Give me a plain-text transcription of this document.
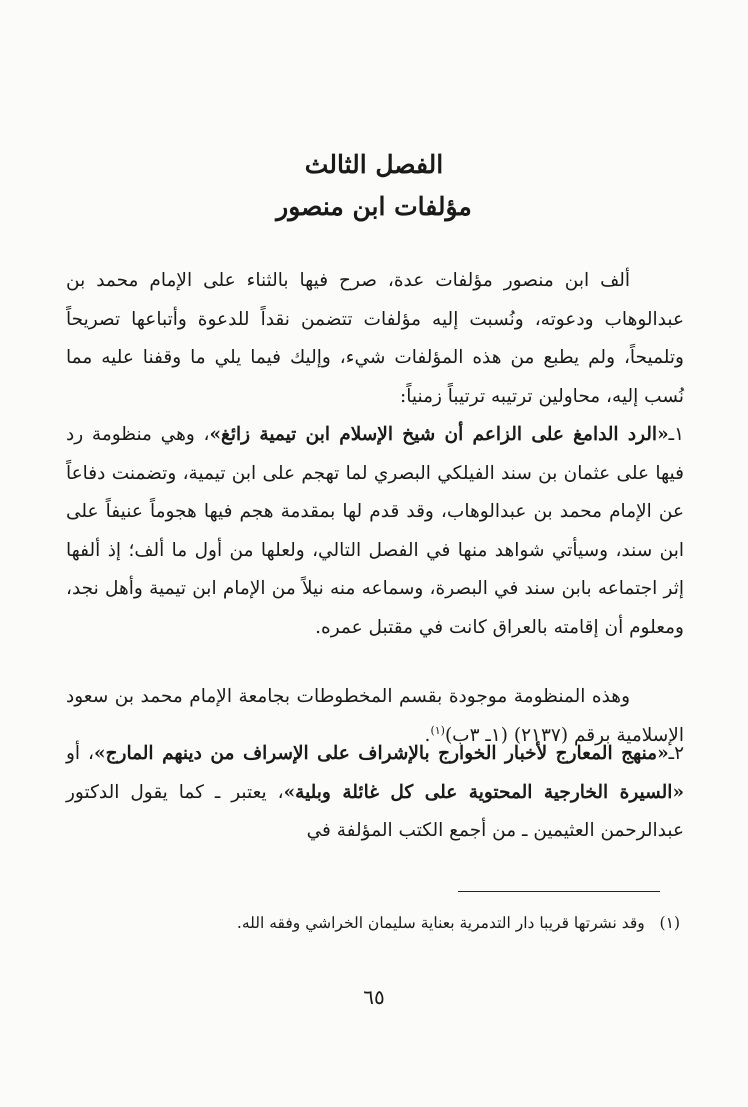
الفصل الثالث
مؤلفات ابن منصور

ألف ابن منصور مؤلفات عدة، صرح فيها بالثناء على الإمام محمد بن عبدالوهاب ودعوته، ونُسبت إليه مؤلفات تتضمن نقداً للدعوة وأتباعها تصريحاً وتلميحاً، ولم يطبع من هذه المؤلفات شيء، وإليك فيما يلي ما وقفنا عليه مما نُسب إليه، محاولين ترتيبه ترتيباً زمنياً:

١ـ«الرد الدامغ على الزاعم أن شيخ الإسلام ابن تيمية زائغ»، وهي منظومة رد فيها على عثمان بن سند الفيلكي البصري لما تهجم على ابن تيمية، وتضمنت دفاعاً عن الإمام محمد بن عبدالوهاب، وقد قدم لها بمقدمة هجم فيها هجوماً عنيفاً على ابن سند، وسيأتي شواهد منها في الفصل التالي، ولعلها من أول ما ألف؛ إذ ألفها إثر اجتماعه بابن سند في البصرة، وسماعه منه نيلاً من الإمام ابن تيمية وأهل نجد، ومعلوم أن إقامته بالعراق كانت في مقتبل عمره.

وهذه المنظومة موجودة بقسم المخطوطات بجامعة الإمام محمد بن سعود الإسلامية برقم (٢١٣٧) (١ـ ٣ب)$^{(١)}$.

٢ـ«منهج المعارج لأخبار الخوارج بالإشراف على الإسراف من دينهم المارج»، أو «السيرة الخارجية المحتوية على كل غائلة وبلية»، يعتبر ـ كما يقول الدكتور عبدالرحمن العثيمين ـ من أجمع الكتب المؤلفة في

(١)   وقد نشرتها قريبا دار التدمرية بعناية سليمان الخراشي وفقه الله.
٦٥
